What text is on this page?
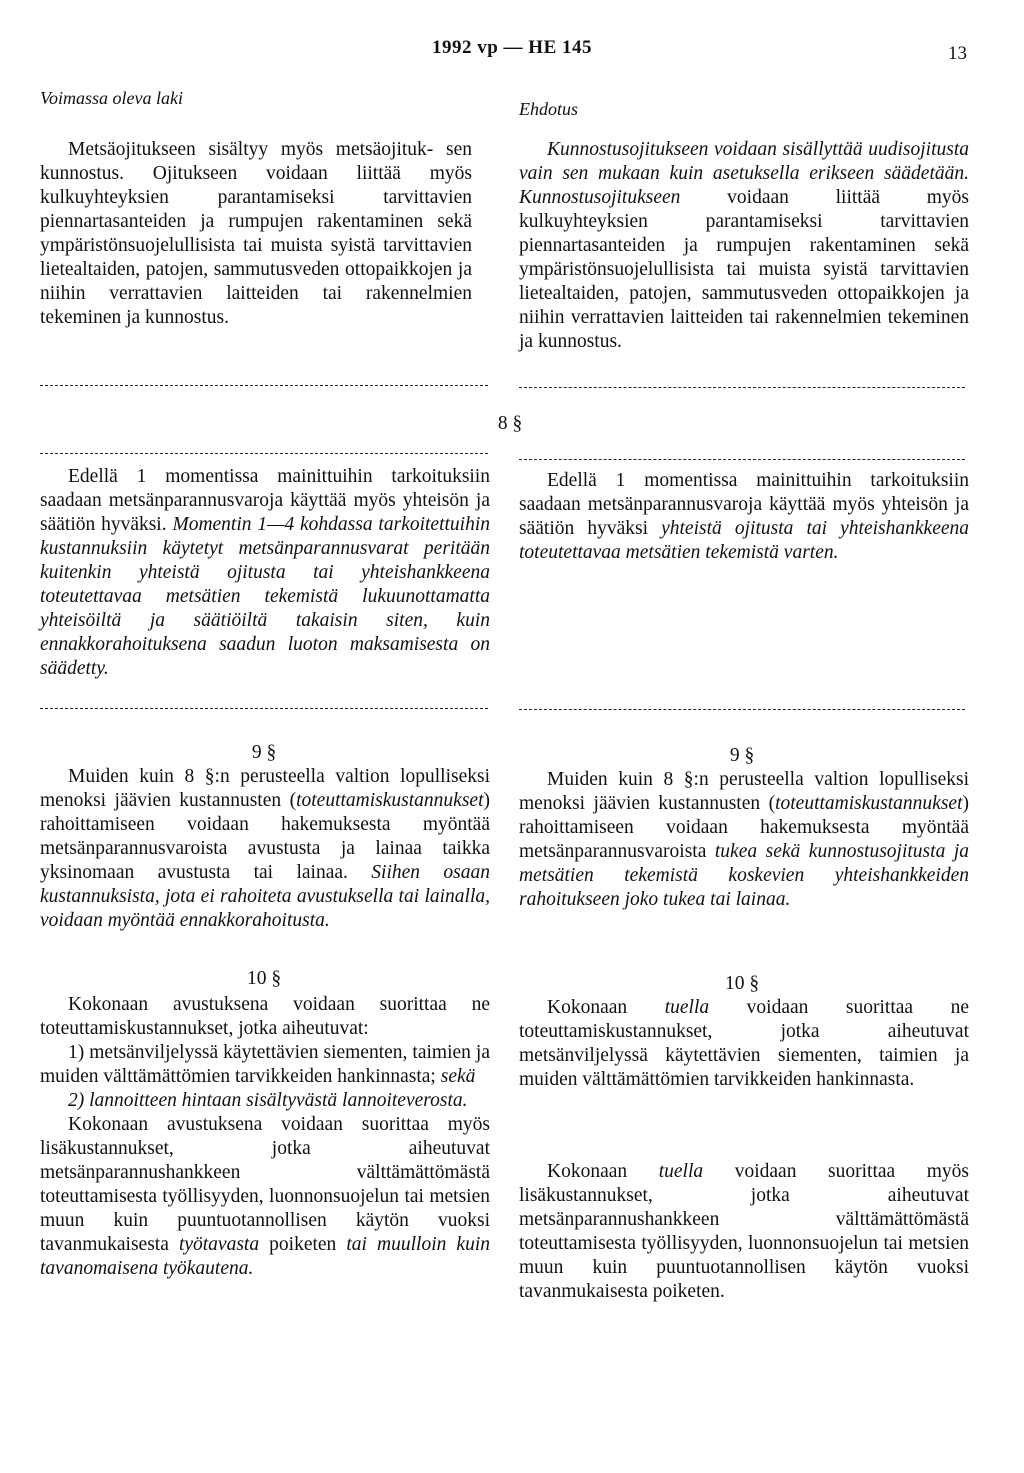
1992 vp — HE 145	13
Voimassa oleva laki
Ehdotus

Metsäojitukseen sisältyy myös metsäojituk- sen kunnostus. Ojitukseen voidaan liittää myös kulkuyhteyksien parantamiseksi tarvittavien piennartasanteiden ja rumpujen rakentaminen sekä ympäristönsuojelullisista tai muista syistä tarvittavien lietealtaiden, patojen, sammutusveden ottopaikkojen ja niihin verrattavien laitteiden tai rakennelmien tekeminen ja kunnostus.

Kunnostusojitukseen voidaan sisällyttää uudisojitusta vain sen mukaan kuin asetuksella erikseen säädetään. Kunnostusojitukseen voidaan liittää myös kulkuyhteyksien parantamiseksi tarvittavien piennartasanteiden ja rumpujen rakentaminen sekä ympäristönsuojelullisista tai muista syistä tarvittavien lietealtaiden, patojen, sammutusveden ottopaikkojen ja niihin verrattavien laitteiden tai rakennelmien tekeminen ja kunnostus.

8 §

Edellä 1 momentissa mainittuihin tarkoituksiin saadaan metsänparannusvaroja käyttää myös yhteisön ja säätiön hyväksi. Momentin 1—4 kohdassa tarkoitettuihin kustannuksiin käytetyt metsänparannusvarat peritään kuitenkin yhteistä ojitusta tai yhteishankkeena toteutettavaa metsätien tekemistä lukuunottamatta yhteisöiltä ja säätiöiltä takaisin siten, kuin ennakkorahoituksena saadun luoton maksamisesta on säädetty.

Edellä 1 momentissa mainittuihin tarkoituksiin saadaan metsänparannusvaroja käyttää myös yhteisön ja säätiön hyväksi yhteistä ojitusta tai yhteishankkeena toteutettavaa metsätien tekemistä varten.

9 §

Muiden kuin 8 §:n perusteella valtion lopulliseksi menoksi jäävien kustannusten (toteuttamiskustannukset) rahoittamiseen voidaan hakemuksesta myöntää metsänparannusvaroista avustusta ja lainaa taikka yksinomaan avustusta tai lainaa. Siihen osaan kustannuksista, jota ei rahoiteta avustuksella tai lainalla, voidaan myöntää ennakkorahoitusta.

9 §

Muiden kuin 8 §:n perusteella valtion lopulliseksi menoksi jäävien kustannusten (toteuttamiskustannukset) rahoittamiseen voidaan hakemuksesta myöntää metsänparannusvaroista tukea sekä kunnostusojitusta ja metsätien tekemistä koskevien yhteishankkeiden rahoitukseen joko tukea tai lainaa.

10 §

Kokonaan avustuksena voidaan suorittaa ne toteuttamiskustannukset, jotka aiheutuvat:

1) metsänviljelyssä käytettävien siementen, taimien ja muiden välttämättömien tarvikkeiden hankinnasta; sekä

2) lannoitteen hintaan sisältyvästä lannoiteverosta.

Kokonaan avustuksena voidaan suorittaa myös lisäkustannukset, jotka aiheutuvat metsänparannushankkeen välttämättömästä toteuttamisesta työllisyyden, luonnonsuojelun tai metsien muun kuin puuntuotannollisen käytön vuoksi tavanmukaisesta työtavasta poiketen tai muulloin kuin tavanomaisena työkautena.

10 §

Kokonaan tuella voidaan suorittaa ne toteuttamiskustannukset, jotka aiheutuvat metsänviljelyssä käytettävien siementen, taimien ja muiden välttämättömien tarvikkeiden hankinnasta.

Kokonaan tuella voidaan suorittaa myös lisäkustannukset, jotka aiheutuvat metsänparannushankkeen välttämättömästä toteuttamisesta työllisyyden, luonnonsuojelun tai metsien muun kuin puuntuotannollisen käytön vuoksi tavanmukaisesta poiketen.
